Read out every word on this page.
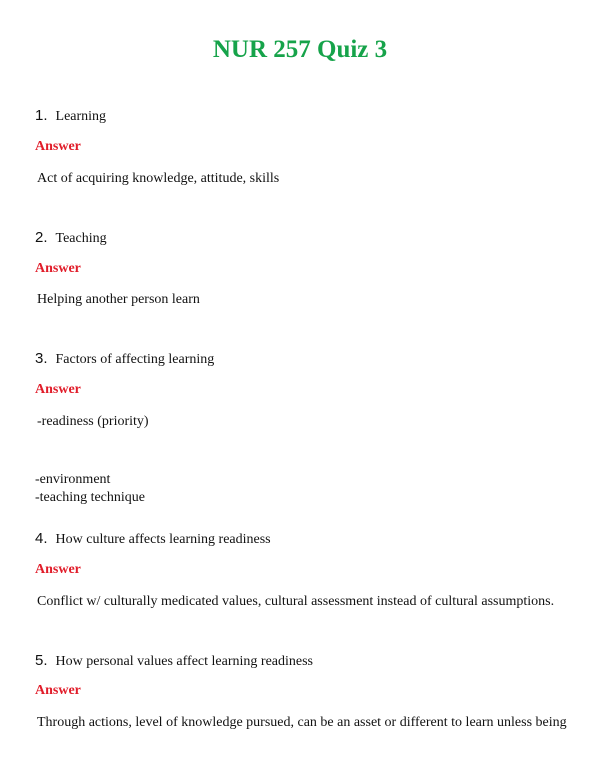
NUR 257 Quiz 3
1. Learning
Answer
Act of acquiring knowledge, attitude, skills
2. Teaching
Answer
Helping another person learn
3. Factors of affecting learning
Answer
-readiness (priority)
-environment
-teaching technique
4. How culture affects learning readiness
Answer
Conflict w/ culturally medicated values, cultural assessment instead of cultural assumptions.
5. How personal values affect learning readiness
Answer
Through actions, level of knowledge pursued, can be an asset or different to learn unless being
